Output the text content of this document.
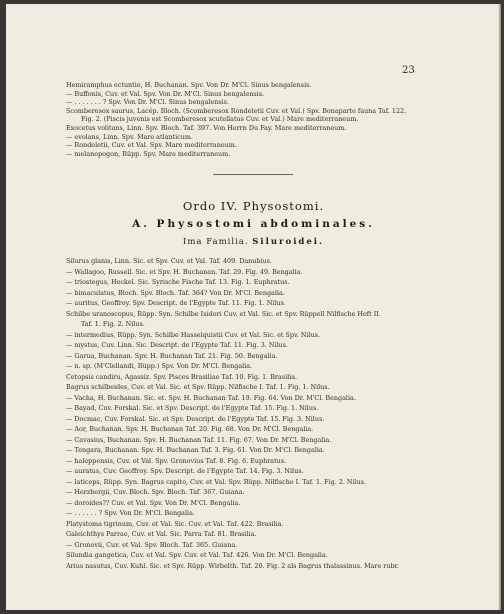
23
Hemiramphus ectuntio, H. Buchanan. Spv. Von Dr. M'Cl. Sinus bengalensis.
— Buffonis, Cuv. et Val. Spv. Von Dr. M'Cl. Sinus bengalensis.
— . . . . . . . ? Spv. Von Dr. M'Cl. Sinus bengalensis.
Scomberesox saurus, Lacép. Bloch. (Scomberesox Rondeletii Cuv. et Val.) Spv. Bonaparte fauna Taf. 122.
Fig. 2. (Piscis juvenis est Scomberesox scutellatus Cuv. et Val.) Mare mediterraneum.
Exocetus volitans, Linn. Spv. Bloch. Taf. 397. Von Herrn Du Fay. Mare mediterraneum.
— evolans, Linn. Spv. Mare atlanticum.
— Rondeletii, Cuv. et Val. Spv. Mare mediterraneum.
— melanopogon, Rüpp. Spv. Mare mediterraneum.
Ordo IV. Physostomi.
A. Physostomi abdominales.
Ima Familia. Siluroidei.
Silurus glanis, Linn. Sic. et Spv. Cuv. et Val. Taf. 409. Danubius.
— Wallagoo, Russell. Sic. et Spv. H. Buchanan. Taf. 29. Fig. 49. Bengalia.
— triostegus, Heckel. Sic. Syrische Fische Taf. 13. Fig. 1. Euphratus.
— bimaculatus, Bloch. Spv. Bloch. Taf. 364? Von Dr. M'Cl. Bengalia.
— auritus, Geoffroy. Spv. Descript. de l'Egypte Taf. 11. Fig. 1. Nilus.
Schilbe uranoscopus, Rüpp. Syn. Schilbe Isidori Cuv. et Val. Sic. et Spv. Rüppell Nilfische Heft II.
Taf. 1. Fig. 2. Nilus.
— intermedius, Rüpp. Syn. Schilbe Hasselquistii Cuv. et Val. Sic. et Spv. Nilus.
— mystus, Cuv. Linn. Sic. Descript. de l'Egypte Taf. 11. Fig. 3. Nilus.
— Garua, Buchanan. Spv. H. Buchanan Taf. 21. Fig. 50. Bengalia.
— n. sp. (M'Clellandi, Rüpp.) Spv. Von Dr. M'Cl. Bengalia.
Cetopsis candiru, Agassiz. Spv. Pisces Brasiliae Taf. 10. Fig. 1. Brasilia.
Bagrus schilbeides, Cuv. et Val. Sic. et Spv. Rüpp. Nilfische I. Taf. 1. Fig. 1. Nilus.
— Vacha, H. Buchanan. Sic. et. Spv. H. Buchanan Taf. 19. Fig. 64. Von Dr. M'Cl. Bengalia.
— Bayad, Cuv. Forskal. Sic. et Spv. Descript. de l'Egypte Taf. 15. Fig. 1. Nilus.
— Docmac, Cuv. Forskal. Sic. et Spv. Descript. de l'Egypte Taf. 15. Fig. 3. Nilus.
— Aor, Buchanan. Spv. H. Buchanan Taf. 20. Fig. 68. Von Dr. M'Cl. Bengalia.
— Cavasius, Buchanan. Spv. H. Buchanan Taf. 11. Fig. 67. Von Dr. M'Cl. Bengalia.
— Tengara, Buchanan. Spv. H. Buchanan Taf. 3. Fig. 61. Von Dr. M'Cl. Bengalia.
— haleppensis, Cuv. et Val. Spv. Gronovius Taf. 8. Fig. 6. Euphratus.
— auratus, Cuv. Geoffroy. Spv. Descript. de l'Egypte Taf. 14. Fig. 3. Nilus.
— laticeps, Rüpp. Syn. Bagrus capito, Cuv. et Val. Spv. Rüpp. Nilfische I. Taf. 1. Fig. 2. Nilus.
— Herzbergii, Cuv. Bloch. Spv. Bloch. Taf. 367. Guiana.
— doroides?? Cuv. et Val. Spv. Von Dr. M'Cl. Bengalia.
— . . . . . . ? Spv. Von Dr. M'Cl. Bengalia.
Platystoma tigrinum, Cuv. et Val. Sic. Cuv. et Val. Taf. 422. Brasilia.
Galeichthys Parrae, Cuv. et Val. Sic. Parra Taf. 81. Brasilia.
— Gronovii, Cuv. et Val. Spv. Bloch. Taf. 365. Guiana.
Silundia gangetica, Cuv. et Val. Spv. Cuv. et Val. Taf. 426. Von Dr. M'Cl. Bengalia.
Arius nasutus, Cuv. Kuhl. Sic. et Spv. Rüpp. Wirbelth. Taf. 20. Fig. 2 als Bagrus thalassinus. Mare rubr.
